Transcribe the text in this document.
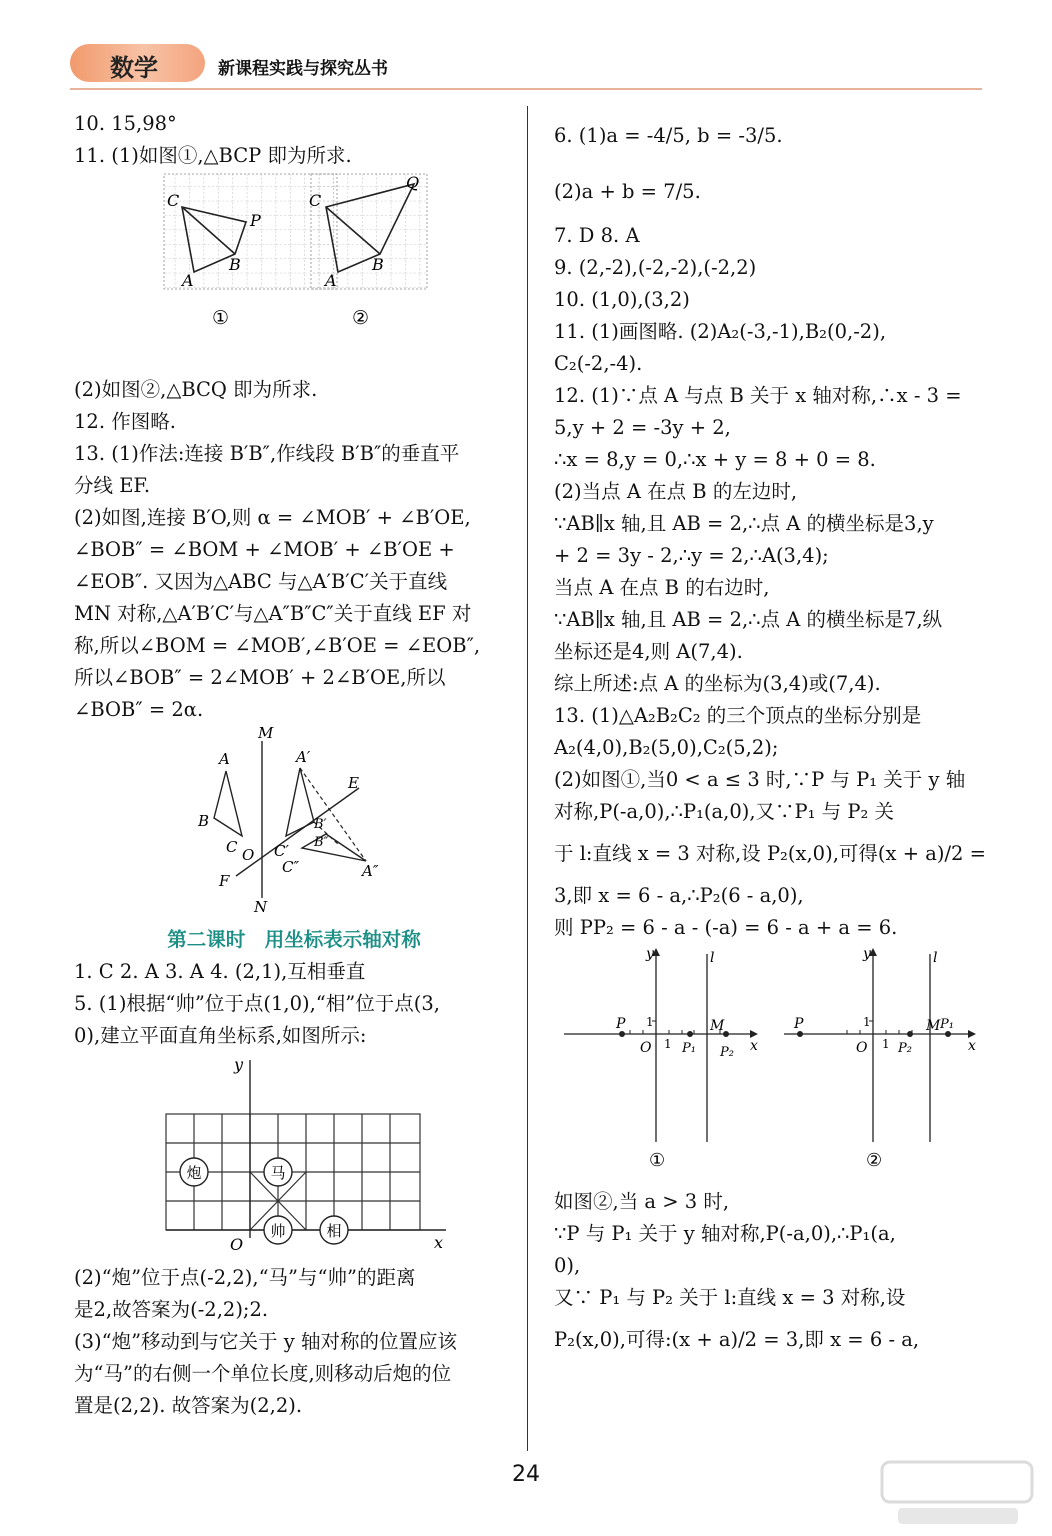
数学	新课程实践与探究丛书
10. 15,98°
11. (1)如图①,△BCP 即为所求.
C
P
A
B
C
Q
A
B
①	②
(2)如图②,△BCQ 即为所求.
12. 作图略.
13. (1)作法:连接 B′B″,作线段 B′B″的垂直平
分线 EF.
(2)如图,连接 B′O,则 α = ∠MOB′ + ∠B′OE,
∠BOB″ = ∠BOM + ∠MOB′ + ∠B′OE +
∠EOB″. 又因为△ABC 与△A′B′C′关于直线
MN 对称,△A′B′C′与△A″B″C″关于直线 EF 对
称,所以∠BOM = ∠MOB′,∠B′OE = ∠EOB″,
所以∠BOB″ = 2∠MOB′ + 2∠B′OE,所以
∠BOB″ = 2α.
M
A	A′
E
B	B′
C O C′ B″
C″	A″
F
N
第二课时　用坐标表示轴对称
1. C 2. A 3. A 4. (2,1),互相垂直
5. (1)根据“帅”位于点(1,0),“相”位于点(3,
0),建立平面直角坐标系,如图所示:
y
x
O
炮	马
帅	相
(2)“炮”位于点(-2,2),“马”与“帅”的距离
是2,故答案为(-2,2);2.
(3)“炮”移动到与它关于 y 轴对称的位置应该
为“马”的右侧一个单位长度,则移动后炮的位
置是(2,2). 故答案为(2,2).
6. (1)a = -4/5, b = -3/5.
(2)a + b = 7/5.
7. D 8. A
9. (2,-2),(-2,-2),(-2,2)
10. (1,0),(3,2)
11. (1)画图略. (2)A₂(-3,-1),B₂(0,-2),
C₂(-2,-4).
12. (1)∵点 A 与点 B 关于 x 轴对称,∴x - 3 =
5,y + 2 = -3y + 2,
∴x = 8,y = 0,∴x + y = 8 + 0 = 8.
(2)当点 A 在点 B 的左边时,
∵AB∥x 轴,且 AB = 2,∴点 A 的横坐标是3,y
+ 2 = 3y - 2,∴y = 2,∴A(3,4);
当点 A 在点 B 的右边时,
∵AB∥x 轴,且 AB = 2,∴点 A 的横坐标是7,纵
坐标还是4,则 A(7,4).
综上所述:点 A 的坐标为(3,4)或(7,4).
13. (1)△A₂B₂C₂ 的三个顶点的坐标分别是
A₂(4,0),B₂(5,0),C₂(5,2);
(2)如图①,当0 < a ≤ 3 时,∵P 与 P₁ 关于 y 轴
对称,P(-a,0),∴P₁(a,0),又∵P₁ 与 P₂ 关
于 l:直线 x = 3 对称,设 P₂(x,0),可得(x + a)/2 =
3,即 x = 6 - a,∴P₂(6 - a,0),
则 PP₂ = 6 - a - (-a) = 6 - a + a = 6.
y	l
P 1	M
O 1 P₁ P₂ x
①
y	l
P	1	M P₁
O 1 P₂	x
②
如图②,当 a > 3 时,
∵P 与 P₁ 关于 y 轴对称,P(-a,0),∴P₁(a,
0),
又∵ P₁ 与 P₂ 关于 l:直线 x = 3 对称,设
P₂(x,0),可得:(x + a)/2 = 3,即 x = 6 - a,
24
